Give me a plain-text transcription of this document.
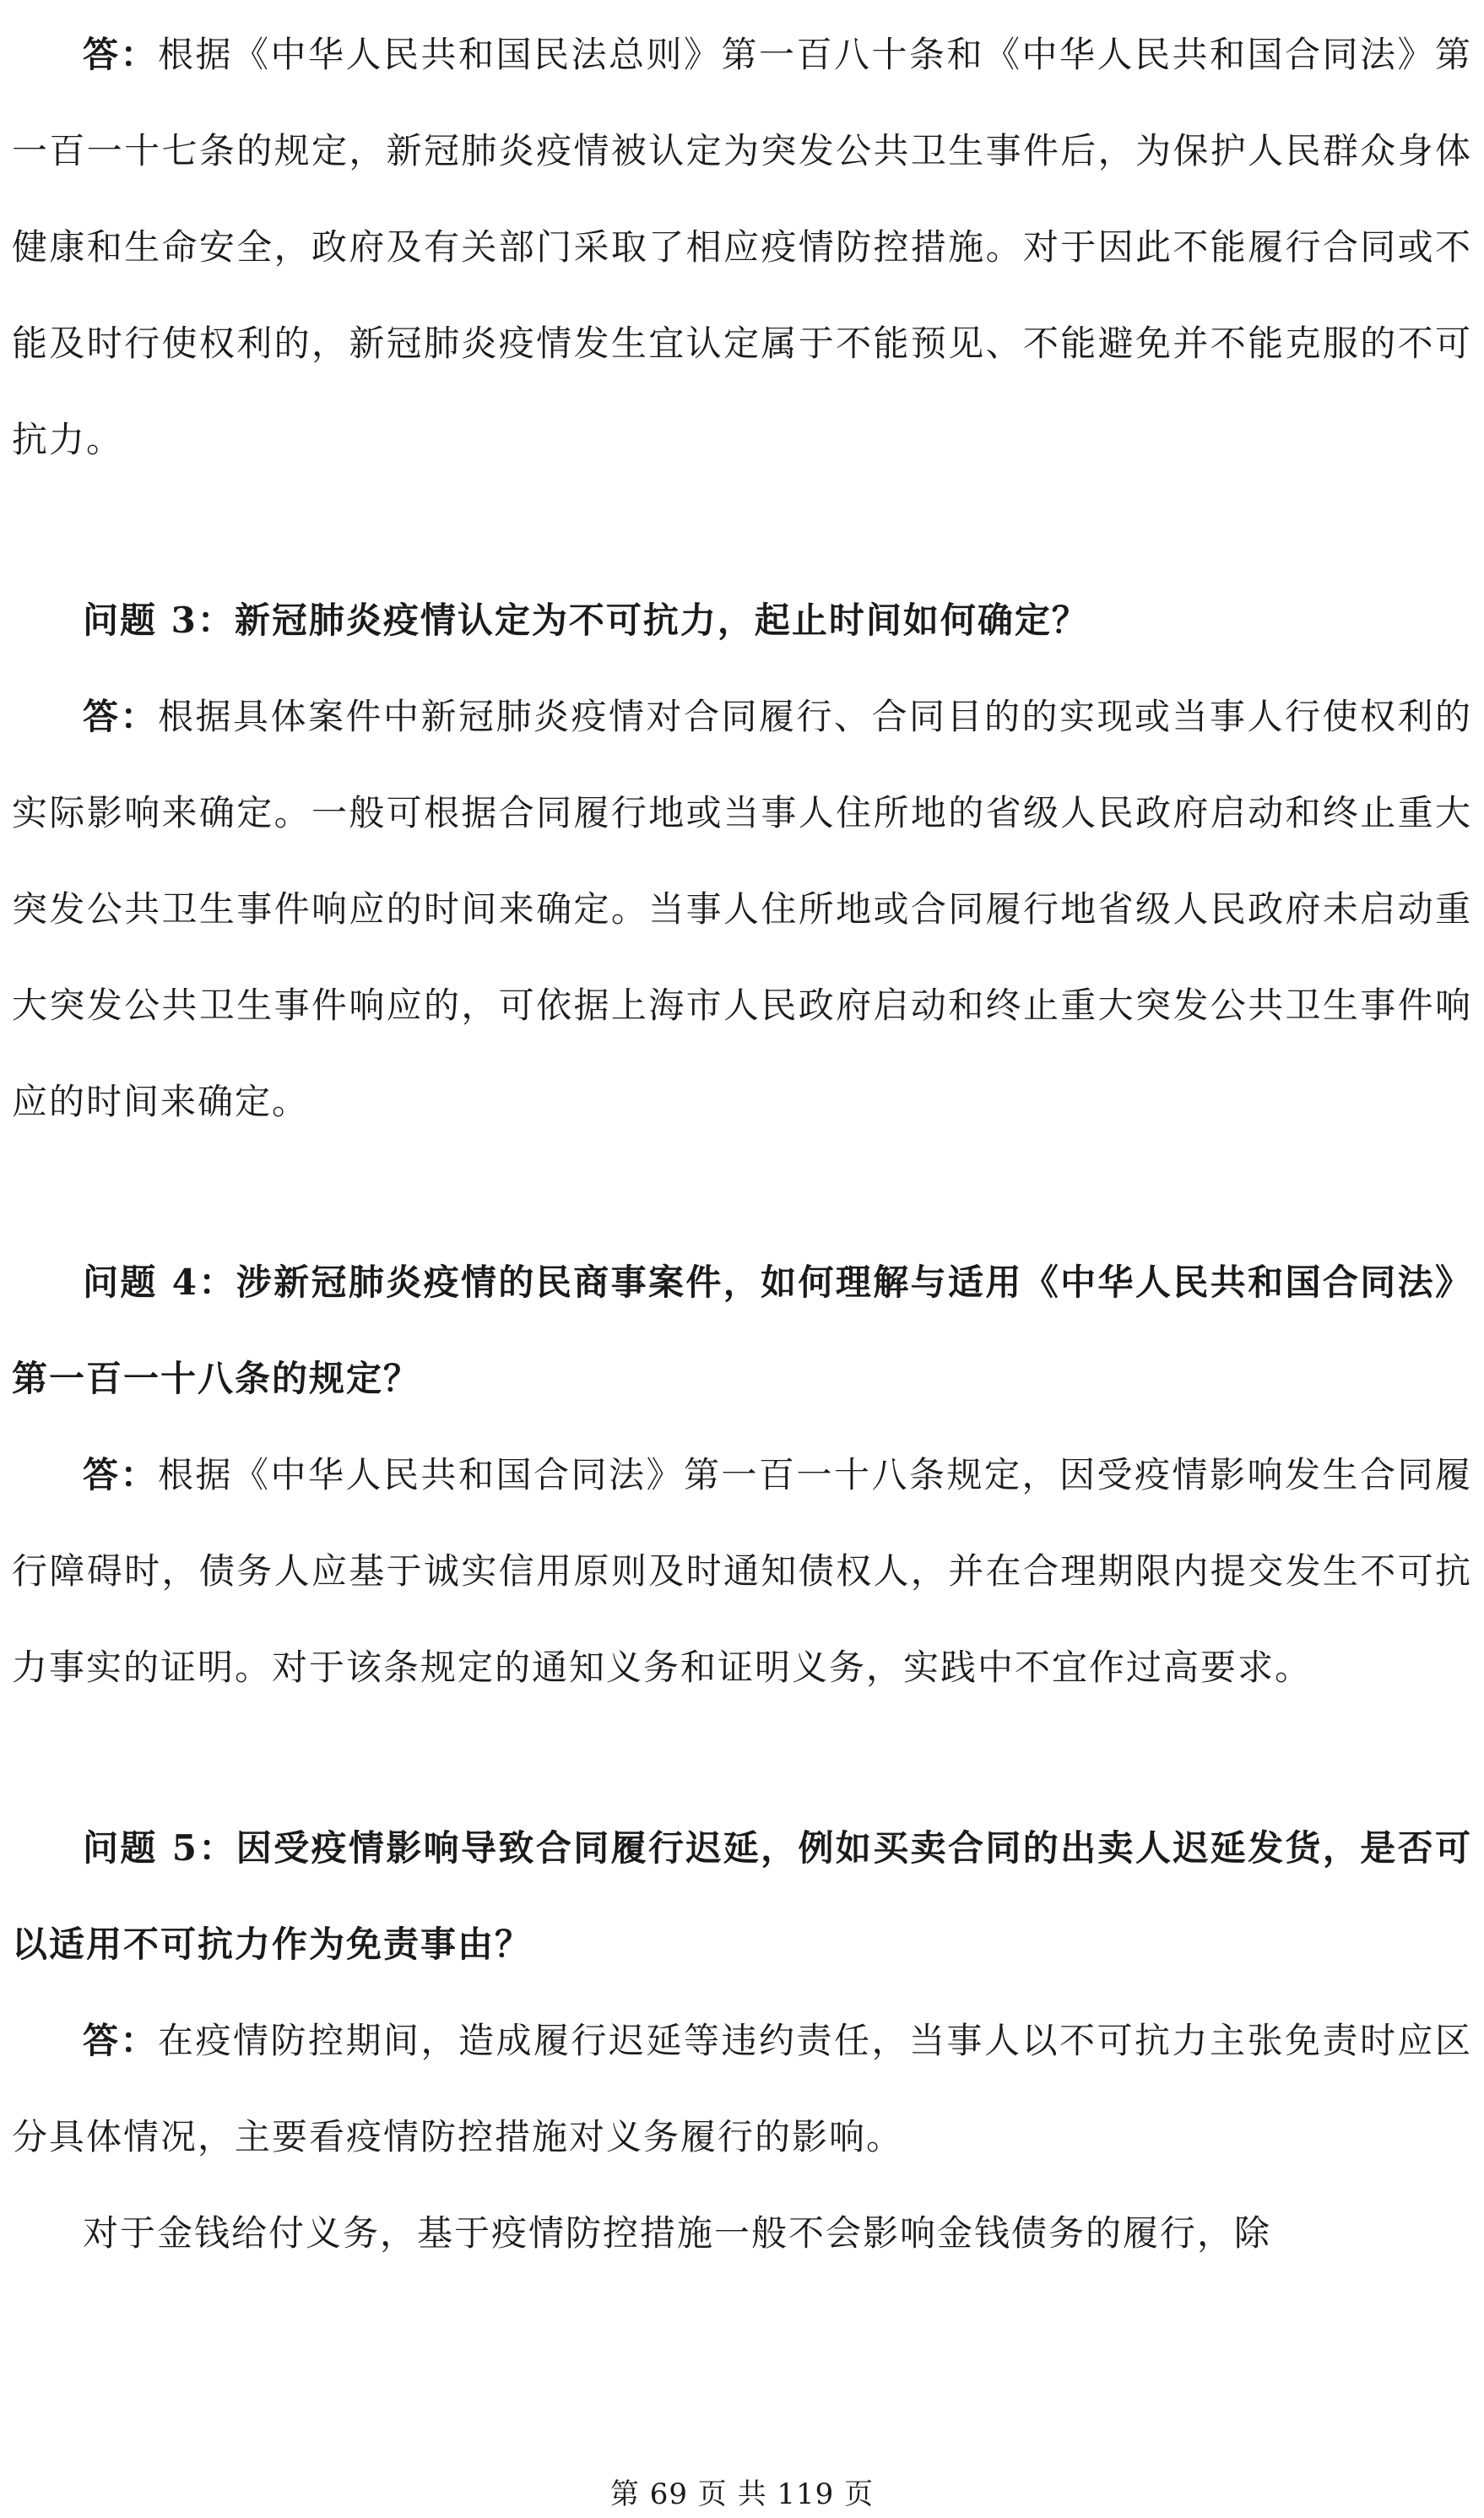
答：根据《中华人民共和国民法总则》第一百八十条和《中华人民共和国合同法》第一百一十七条的规定，新冠肺炎疫情被认定为突发公共卫生事件后，为保护人民群众身体健康和生命安全，政府及有关部门采取了相应疫情防控措施。对于因此不能履行合同或不能及时行使权利的，新冠肺炎疫情发生宜认定属于不能预见、不能避免并不能克服的不可抗力。

问题 3：新冠肺炎疫情认定为不可抗力，起止时间如何确定？

答：根据具体案件中新冠肺炎疫情对合同履行、合同目的的实现或当事人行使权利的实际影响来确定。一般可根据合同履行地或当事人住所地的省级人民政府启动和终止重大突发公共卫生事件响应的时间来确定。当事人住所地或合同履行地省级人民政府未启动重大突发公共卫生事件响应的，可依据上海市人民政府启动和终止重大突发公共卫生事件响应的时间来确定。

问题 4：涉新冠肺炎疫情的民商事案件，如何理解与适用《中华人民共和国合同法》第一百一十八条的规定？

答：根据《中华人民共和国合同法》第一百一十八条规定，因受疫情影响发生合同履行障碍时，债务人应基于诚实信用原则及时通知债权人，并在合理期限内提交发生不可抗力事实的证明。对于该条规定的通知义务和证明义务，实践中不宜作过高要求。

问题 5：因受疫情影响导致合同履行迟延，例如买卖合同的出卖人迟延发货，是否可以适用不可抗力作为免责事由？

答：在疫情防控期间，造成履行迟延等违约责任，当事人以不可抗力主张免责时应区分具体情况，主要看疫情防控措施对义务履行的影响。

对于金钱给付义务，基于疫情防控措施一般不会影响金钱债务的履行，除

第 69 页 共 119 页
